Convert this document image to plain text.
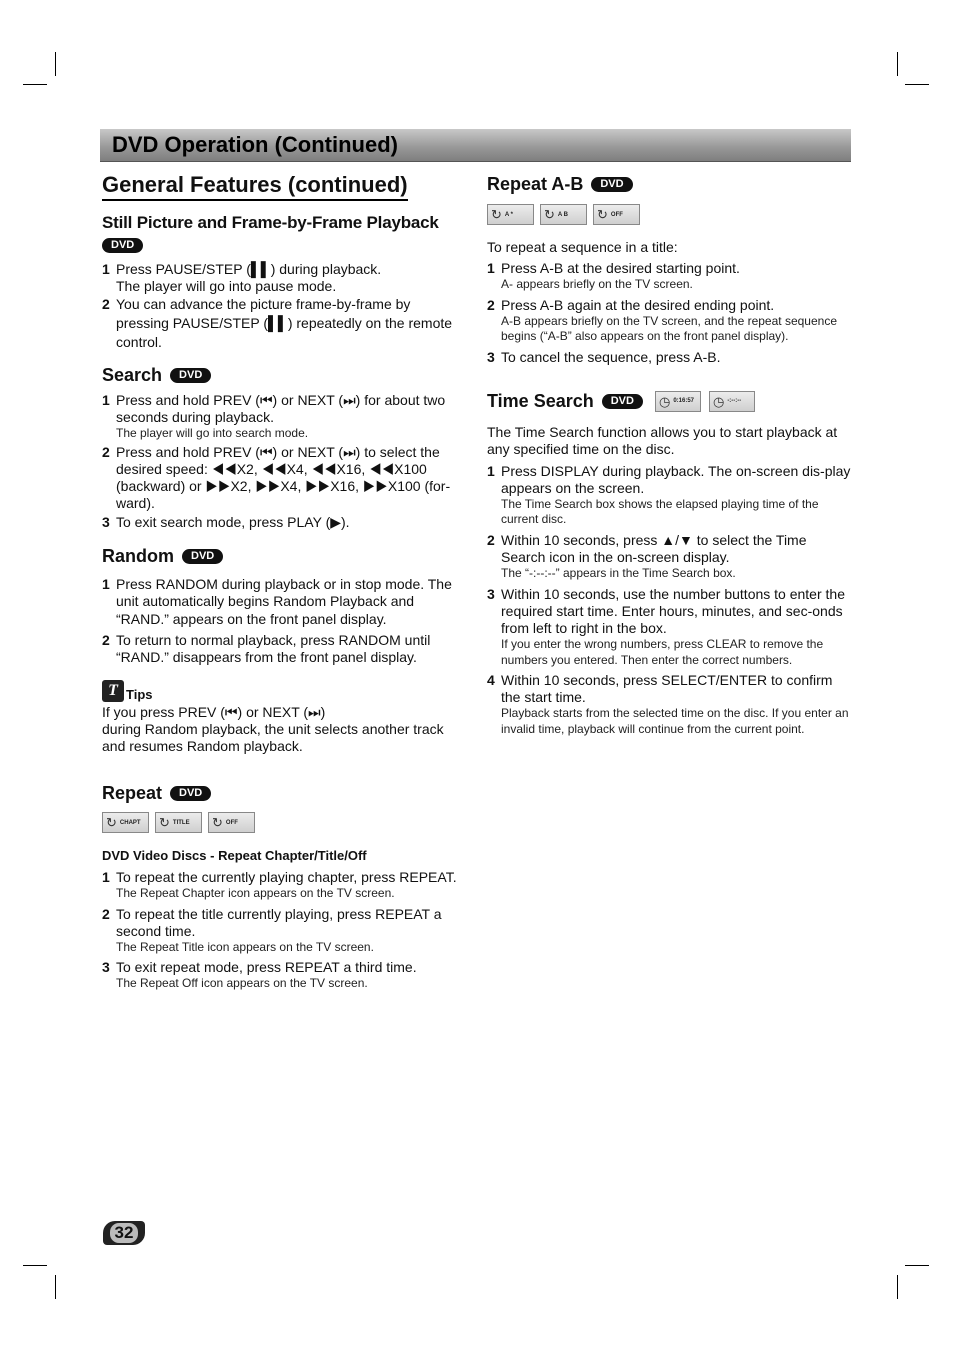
DVD Operation (Continued)
General Features (continued)
Still Picture and Frame-by-Frame Playback
DVD
1 Press PAUSE/STEP (▌▌) during playback.
The player will go into pause mode.
2 You can advance the picture frame-by-frame by pressing PAUSE/STEP (▌▌) repeatedly on the remote control.
Search	DVD
1 Press and hold PREV (⏮) or NEXT (⏭) for about two seconds during playback.
The player will go into search mode.
2 Press and hold PREV (⏮) or NEXT (⏭) to select the desired speed: ◀◀X2, ◀◀X4, ◀◀X16, ◀◀X100 (backward) or ▶▶X2, ▶▶X4, ▶▶X16, ▶▶X100 (for-ward).
3 To exit search mode, press PLAY (▶).
Random	DVD
1 Press RANDOM during playback or in stop mode. The unit automatically begins Random Playback and “RAND.” appears on the front panel display.
2 To return to normal playback, press RANDOM until “RAND.” disappears from the front panel display.
T Tips
If you press PREV (⏮) or NEXT (⏭)
during Random playback, the unit selects another track and resumes Random playback.
Repeat	DVD
↻ CHAPT ↻ TITLE ↻ OFF
DVD Video Discs - Repeat Chapter/Title/Off
1 To repeat the currently playing chapter, press REPEAT.
The Repeat Chapter icon appears on the TV screen.
2 To repeat the title currently playing, press REPEAT a second time.
The Repeat Title icon appears on the TV screen.
3 To exit repeat mode, press REPEAT a third time.
The Repeat Off icon appears on the TV screen.
Repeat A-B	DVD
↻ A * ↻ A B ↻ OFF
To repeat a sequence in a title:
1 Press A-B at the desired starting point.
A- appears briefly on the TV screen.
2 Press A-B again at the desired ending point.
A-B appears briefly on the TV screen, and the repeat sequence begins (“A-B” also appears on the front panel display).
3 To cancel the sequence, press A-B.
Time Search	DVD	◷ 0:16:57 ◷ -:--:--
The Time Search function allows you to start playback at any specified time on the disc.
1 Press DISPLAY during playback. The on-screen dis-play appears on the screen.
The Time Search box shows the elapsed playing time of the current disc.
2 Within 10 seconds, press ▲/▼ to select the Time Search icon in the on-screen display.
The “-:--:--” appears in the Time Search box.
3 Within 10 seconds, use the number buttons to enter the required start time. Enter hours, minutes, and sec-onds from left to right in the box.
If you enter the wrong numbers, press CLEAR to remove the numbers you entered. Then enter the correct numbers.
4 Within 10 seconds, press SELECT/ENTER to confirm the start time.
Playback starts from the selected time on the disc. If you enter an invalid time, playback will continue from the current point.
32
